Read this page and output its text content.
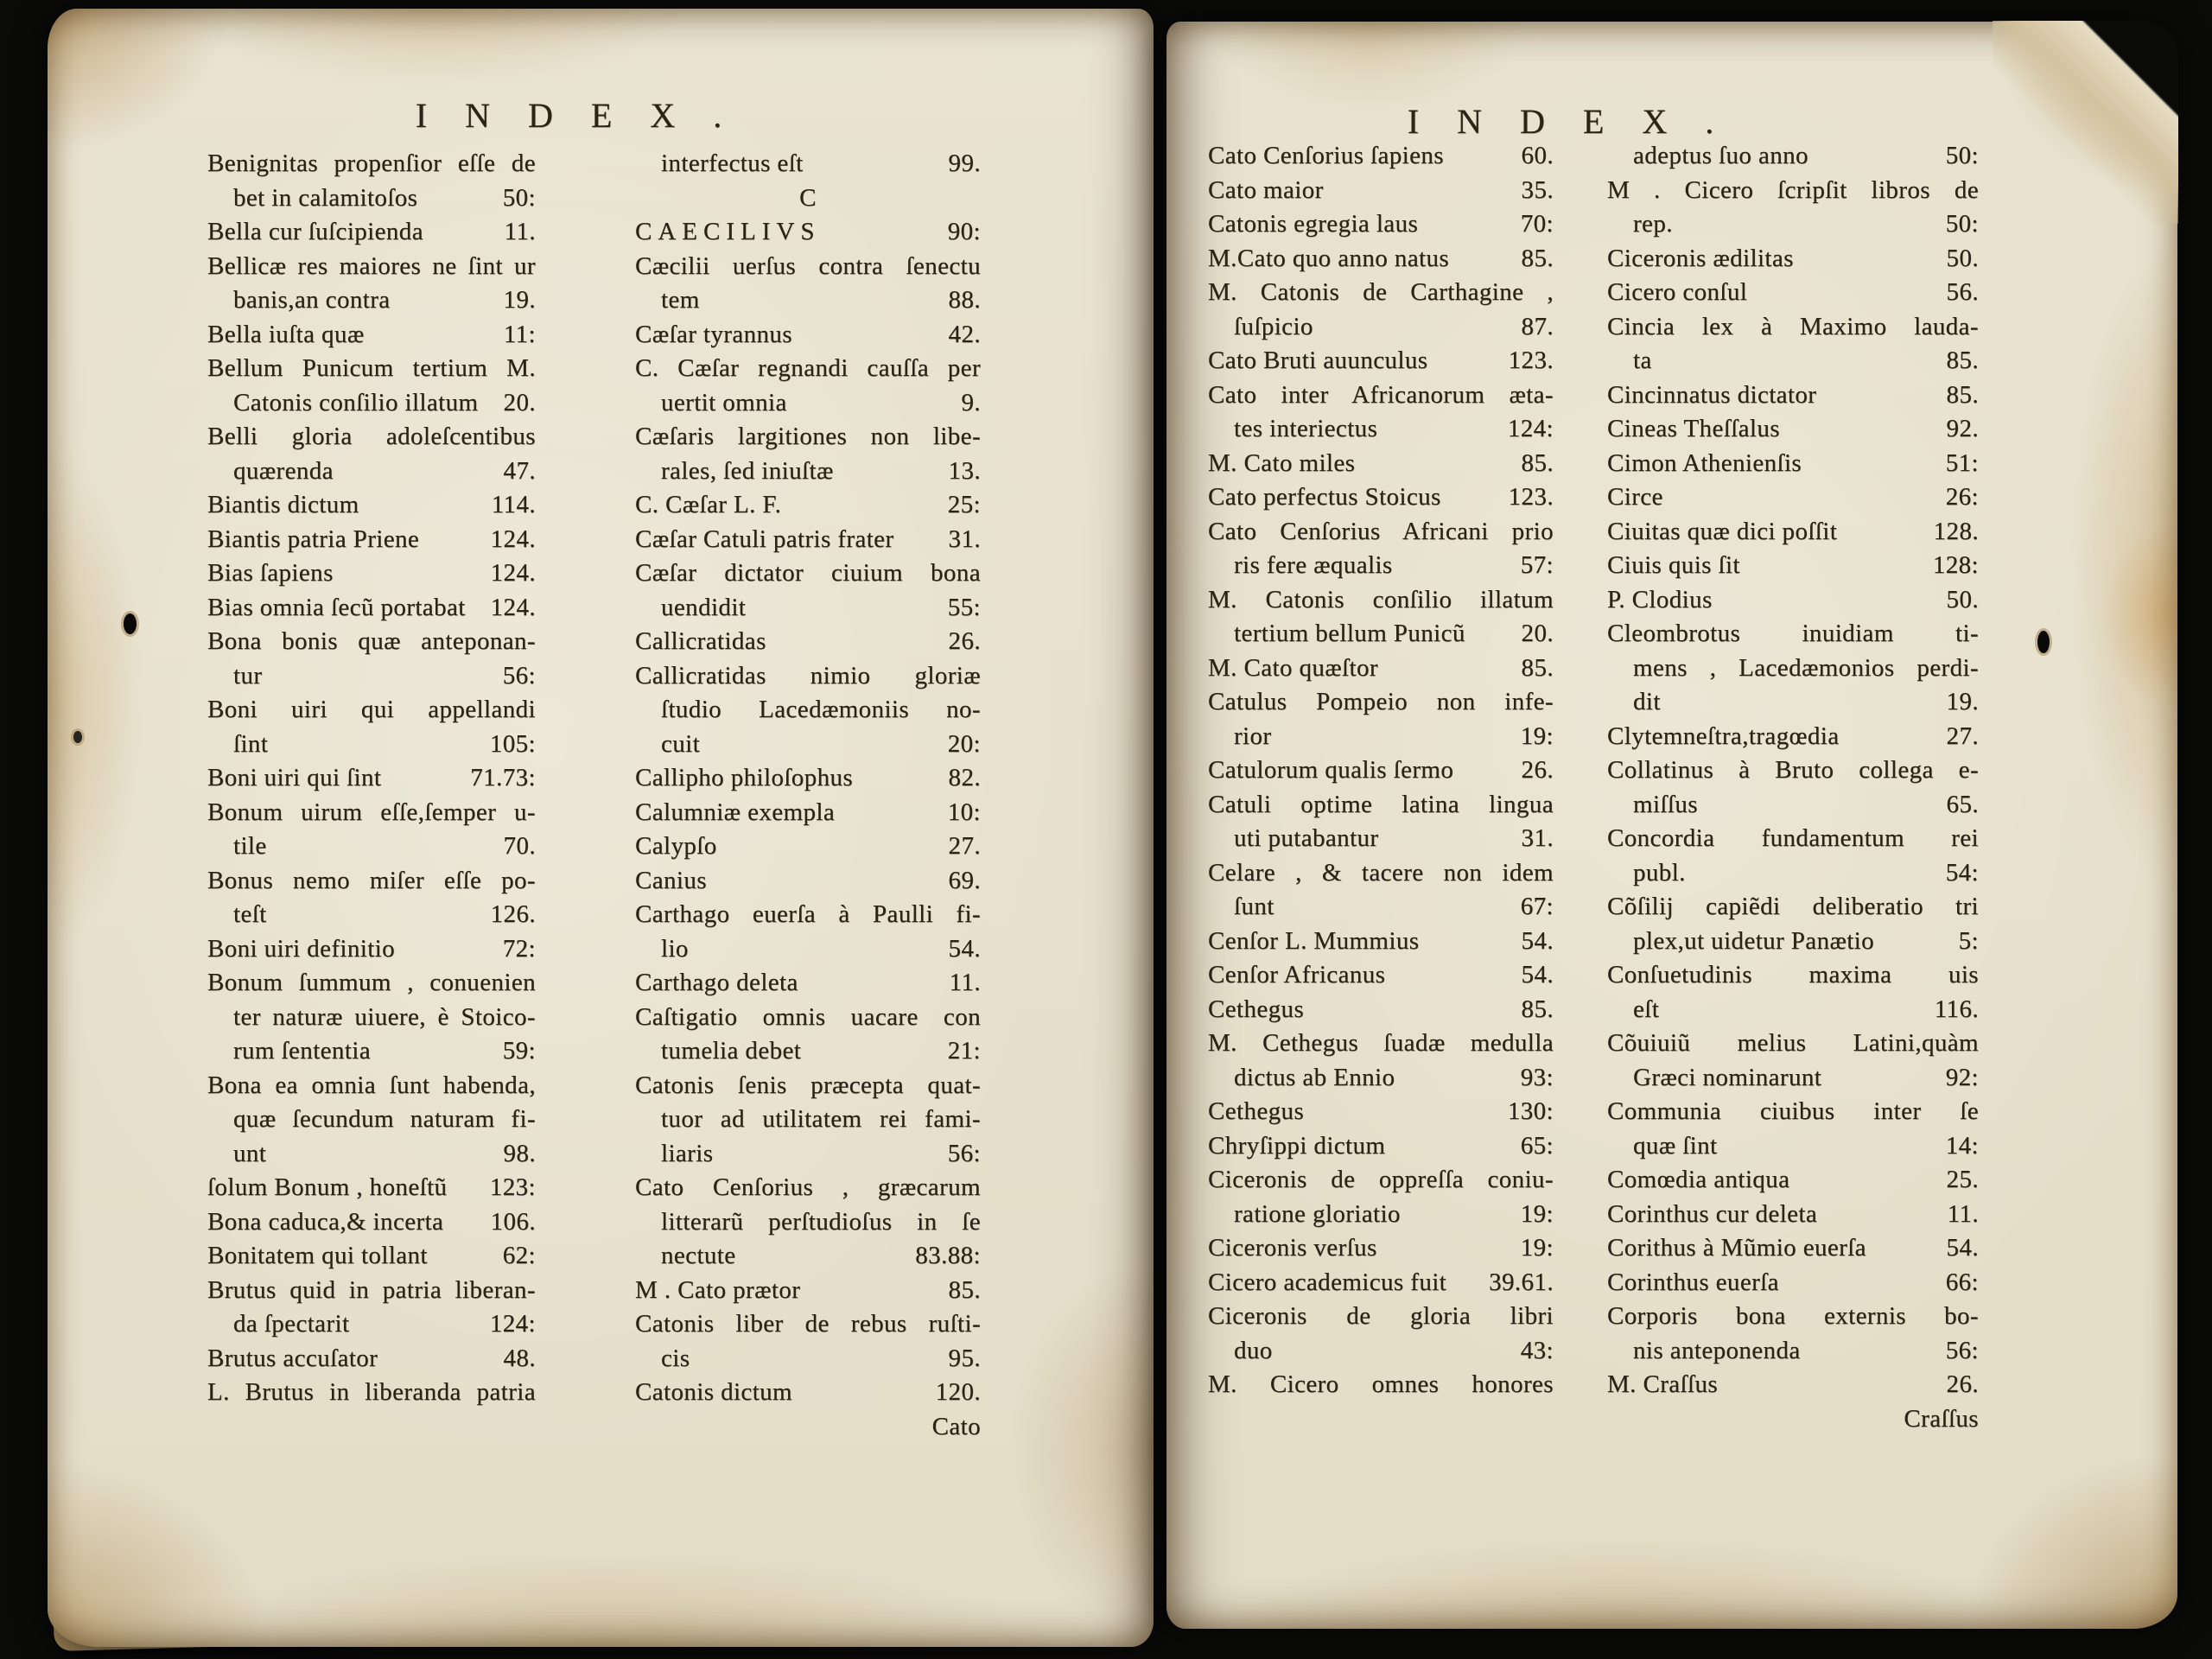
INDEX.
Benignitas propenſior eſſe de
bet in calamitoſos	50:
Bella cur ſuſcipienda	11.
Bellicæ res maiores ne ſint ur
banis,an contra	19.
Bella iuſta quæ	11:
Bellum Punicum tertium M.
Catonis conſilio illatum	20.
Belli gloria adoleſcentibus
quærenda	47.
Biantis dictum	114.
Biantis patria Priene	124.
Bias ſapiens	124.
Bias omnia ſecũ portabat 124.
Bona bonis quæ anteponan-
tur	56:
Boni uiri qui appellandi
ſint	105:
Boni uiri qui ſint	71.73:
Bonum uirum eſſe,ſemper u-
tile	70.
Bonus nemo miſer eſſe po-
teſt	126.
Boni uiri definitio	72:
Bonum ſummum , conuenien
ter naturæ uiuere, è Stoico-
rum ſententia	59:
Bona ea omnia ſunt habenda,
quæ ſecundum naturam fi-
unt	98.
ſolum Bonum , honeſtũ	123:
Bona caduca,& incerta	106.
Bonitatem qui tollant	62:
Brutus quid in patria liberan-
da ſpectarit	124:
Brutus accuſator	48.
L. Brutus in liberanda patria
interfectus eſt	99.
C
CAECILIVS	90:
Cæcilii uerſus contra ſenectu
tem	88.
Cæſar tyrannus	42.
C. Cæſar regnandi cauſſa per
uertit omnia	9.
Cæſaris largitiones non libe-
rales, ſed iniuſtæ	13.
C. Cæſar L. F.	25:
Cæſar Catuli patris frater	31.
Cæſar dictator ciuium bona
uendidit	55:
Callicratidas	26.
Callicratidas nimio gloriæ
ſtudio Lacedæmoniis no-
cuit	20:
Callipho philoſophus	82.
Calumniæ exempla	10:
Calypſo	27.
Canius	69.
Carthago euerſa à Paulli fi-
lio	54.
Carthago deleta	11.
Caſtigatio omnis uacare con
tumelia debet	21:
Catonis ſenis præcepta quat-
tuor ad utilitatem rei fami-
liaris	56:
Cato Cenſorius , græcarum
litterarũ perſtudioſus in ſe
nectute	83.88:
M . Cato prætor	85.
Catonis liber de rebus ruſti-
cis	95.
Catonis dictum	120.
Cato
INDEX.
Cato Cenſorius ſapiens	60.
Cato maior	35.
Catonis egregia laus	70:
M.Cato quo anno natus	85.
M. Catonis de Carthagine ,
ſuſpicio	87.
Cato Bruti auunculus	123.
Cato inter Africanorum æta-
tes interiectus	124:
M. Cato miles	85.
Cato perfectus Stoicus	123.
Cato Cenſorius Africani prio
ris fere æqualis	57:
M. Catonis conſilio illatum
tertium bellum Punicũ	20.
M. Cato quæſtor	85.
Catulus Pompeio non infe-
rior	19:
Catulorum qualis ſermo	26.
Catuli optime latina lingua
uti putabantur	31.
Celare , & tacere non idem
ſunt	67:
Cenſor L. Mummius	54.
Cenſor Africanus	54.
Cethegus	85.
M. Cethegus ſuadæ medulla
dictus ab Ennio	93:
Cethegus	130:
Chryſippi dictum	65:
Ciceronis de oppreſſa coniu-
ratione gloriatio	19:
Ciceronis verſus	19:
Cicero academicus fuit	39.61.
Ciceronis de gloria libri
duo	43:
M. Cicero omnes honores
adeptus ſuo anno	50:
M . Cicero ſcripſit libros de
rep.	50:
Ciceronis ædilitas	50.
Cicero conſul	56.
Cincia lex à Maximo lauda-
ta	85.
Cincinnatus dictator	85.
Cineas Theſſalus	92.
Cimon Athenienſis	51:
Circe	26:
Ciuitas quæ dici poſſit	128.
Ciuis quis ſit	128:
P. Clodius	50.
Cleombrotus inuidiam ti-
mens , Lacedæmonios perdi-
dit	19.
Clytemneſtra,tragœdia	27.
Collatinus à Bruto collega e-
miſſus	65.
Concordia fundamentum rei
publ.	54:
Cõſilij capiẽdi deliberatio tri
plex,ut uidetur Panætio	5:
Conſuetudinis maxima uis
eſt	116.
Cõuiuiũ melius Latini,quàm
Græci nominarunt	92:
Communia ciuibus inter ſe
quæ ſint	14:
Comœdia antiqua	25.
Corinthus cur deleta	11.
Corithus à Mũmio euerſa	54.
Corinthus euerſa	66:
Corporis bona externis bo-
nis anteponenda	56:
M. Craſſus	26.
Craſſus
